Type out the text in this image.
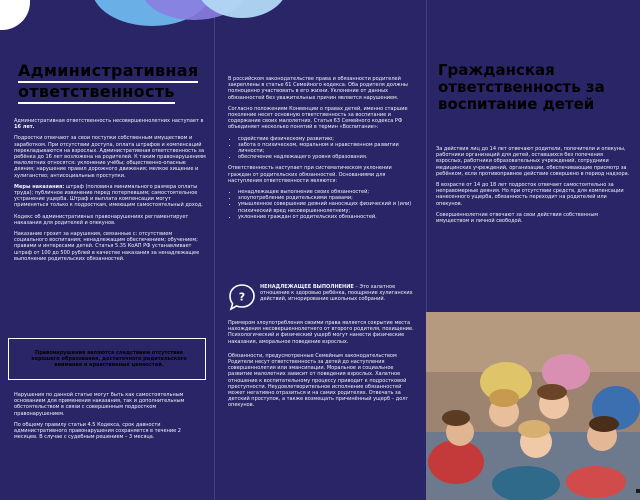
Административная
ответственность

Административная ответственность несовершеннолетних наступает в 16 лет.

Подростки отвечают за свои поступки собственным имуществом и заработком. При отсутствии доступа, оплата штрафов и компенсаций перекладываются на взрослых. Административная ответственность за ребёнка до 16 лет возложена на родителей. К таким правонарушениям малолетних относятся: уклонение учёбы; общественно-опасные деяния; нарушение правил дорожного движения; мелкое хищение и хулиганство; антисоциальные проступки.

Меры наказания: штраф (половина минимального размера оплаты труда); публичное извинение перед потерпевшим; самостоятельное устранение ущерба. Штраф и выплата компенсации могут применяться только к подросткам, имеющим самостоятельный доход.

Кодекс об административных правонарушениях регламентирует наказания для родителей и опекунов.

Наказание грозит за нарушения, связанные с: отсутствием социального воспитания; ненадлежащим обеспечением; обучением; правами и интересами детей. Статья 5.35 КоАП РФ устанавливает штраф от 100 до 500 рублей в качестве наказания за ненадлежащее выполнение родительских обязанностей.

Правонарушения являются следствием отсутствия хорошего образования, достаточного родительского внимания и нравственных ценностей.

Нарушения по данной статье могут быть как самостоятельным основанием для применения наказания, так и дополнительным обстоятельством в связи с совершенным подростком правонарушением.

По общему правилу статьи 4.5 Кодекса, срок давности административного правонарушения сохраняется в течение 2 месяцев. В случае с судебным решением – 3 месяца.

В российском законодательстве права и обязанности родителей закреплены в статье 61 Семейного кодекса. Оба родителя должны полноценно участвовать в его жизни. Уклонение от данных обязанностей без уважительных причин является нарушением.

Согласно положениям Конвенции о правах детей, именно старшие поколение несет основную ответственность за воспитание и содержание своих малолетних. Статья 63 Семейного кодекса РФ объединяет несколько понятий в термин «Воспитание»:

• содействие физическому развитию;
• забота о психическом, моральном и нравственном развитии личности;
• обеспечение надлежащего уровня образования.

Ответственность наступает при систематическом уклонении граждан от родительских обязанностей. Основаниями для наступления ответственности являются:

• ненадлежащее выполнение своих обязанностей;
• злоупотребление родительскими правами;
• умышленное совершение деяний наносящих физический и (или) психический вред несовершеннолетнему;
• уклонение граждан от родительских обязанностей.
?
НЕНАДЛЕЖАЩЕЕ ВЫПОЛНЕНИЕ – Это халатное отношение к здоровью ребёнка, поощрение хулиганских действий, игнорирование школьных собраний.

Примером злоупотребления своими права является сокрытие места нахождения несовершеннолетнего от второго родителя, похищение. Психологический и физический ущерб могут нанести физические наказания, аморальное поведение взрослых.

Обязанности, предусмотренные Семейным законодательством Родители несут ответственность за детей до наступления совершеннолетия или эмансипации. Моральное и социальное развитие малолетних зависит от поведения взрослых. Халатное отношение к воспитательному процессу приводит к подростковой преступности. Неудовлетворительное исполнение обязанностей может негативно отразиться и на самих родителях. Отвечать за детский проступок, а также возмещать причинённый ущерб – долг опекунов.

Гражданская ответственность за воспитание детей

За действия лиц до 14 лет отвечают родители, попечители и опекуны, работники организаций для детей, оставшихся без попечения взрослых, работники образовательных учреждений, сотрудники медицинских учреждений, организации, обеспечивающие присмотр за ребёнком, если противоправное действие совершено в период надзора.

В возрасте от 14 до 18 лет подросток отвечает самостоятельно за неправомерные деяния. Но при отсутствии средств, для компенсации нанесенного ущерба, обязанность переходит на родителей или опекунов.

Совершеннолетние отвечают за свои действия собственным имуществом и личной свободой.
